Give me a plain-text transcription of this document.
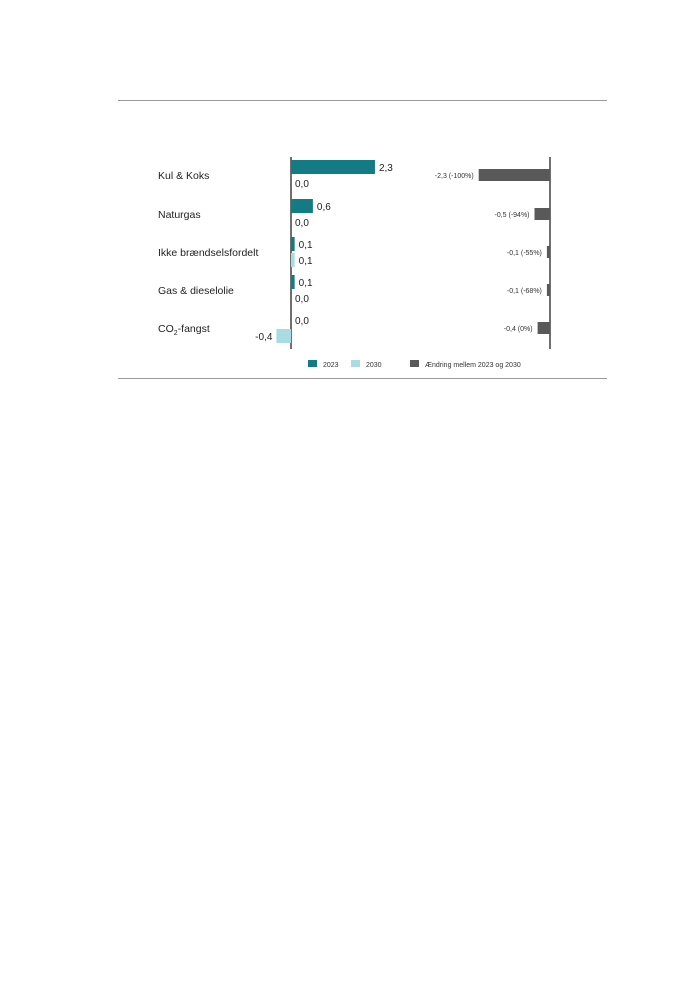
Kul & Koks
2,3
0,0
-2,3 (-100%)
Naturgas
0,6
0,0
-0,5 (-94%)
Ikke brændselsfordelt
0,1
0,1
-0,1 (-55%)
Gas & dieselolie
0,1
0,0
-0,1 (-68%)
$CO_2$-fangst
0,0
-0,4
-0,4 (0%)
2023	2030	Ændring mellem 2023 og 2030
